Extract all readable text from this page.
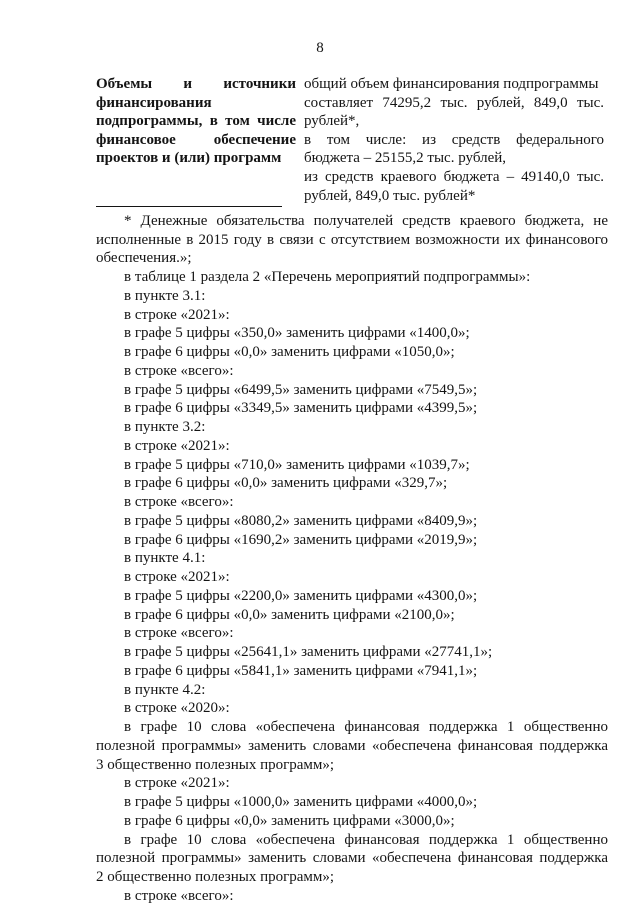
8
Объемы и источники
финансирования
подпрограммы, в том числе
финансовое обеспечение
проектов и (или) программ
общий объем финансирования подпрограммы
составляет 74295,2 тыс. рублей, 849,0 тыс.
рублей*,
в том числе: из средств федерального
бюджета – 25155,2 тыс. рублей,
из средств краевого бюджета – 49140,0 тыс.
рублей, 849,0 тыс. рублей*
* Денежные обязательства получателей средств краевого бюджета, не
исполненные в 2015 году в связи с отсутствием возможности их финансового
обеспечения.»;
в таблице 1 раздела 2 «Перечень мероприятий подпрограммы»:
в пункте 3.1:
в строке «2021»:
в графе 5 цифры «350,0» заменить цифрами «1400,0»;
в графе 6 цифры «0,0» заменить цифрами «1050,0»;
в строке «всего»:
в графе 5 цифры «6499,5» заменить цифрами «7549,5»;
в графе 6 цифры «3349,5» заменить цифрами «4399,5»;
в пункте 3.2:
в строке «2021»:
в графе 5 цифры «710,0» заменить цифрами «1039,7»;
в графе 6 цифры «0,0» заменить цифрами «329,7»;
в строке «всего»:
в графе 5 цифры «8080,2» заменить цифрами «8409,9»;
в графе 6 цифры «1690,2» заменить цифрами «2019,9»;
в пункте 4.1:
в строке «2021»:
в графе 5 цифры «2200,0» заменить цифрами «4300,0»;
в графе 6 цифры «0,0» заменить цифрами «2100,0»;
в строке «всего»:
в графе 5 цифры «25641,1» заменить цифрами «27741,1»;
в графе 6 цифры «5841,1» заменить цифрами «7941,1»;
в пункте 4.2:
в строке «2020»:
в графе 10 слова «обеспечена финансовая поддержка 1 общественно
полезной программы» заменить словами «обеспечена финансовая поддержка
3 общественно полезных программ»;
в строке «2021»:
в графе 5 цифры «1000,0» заменить цифрами «4000,0»;
в графе 6 цифры «0,0» заменить цифрами «3000,0»;
в графе 10 слова «обеспечена финансовая поддержка 1 общественно
полезной программы» заменить словами «обеспечена финансовая поддержка
2 общественно полезных программ»;
в строке «всего»:
